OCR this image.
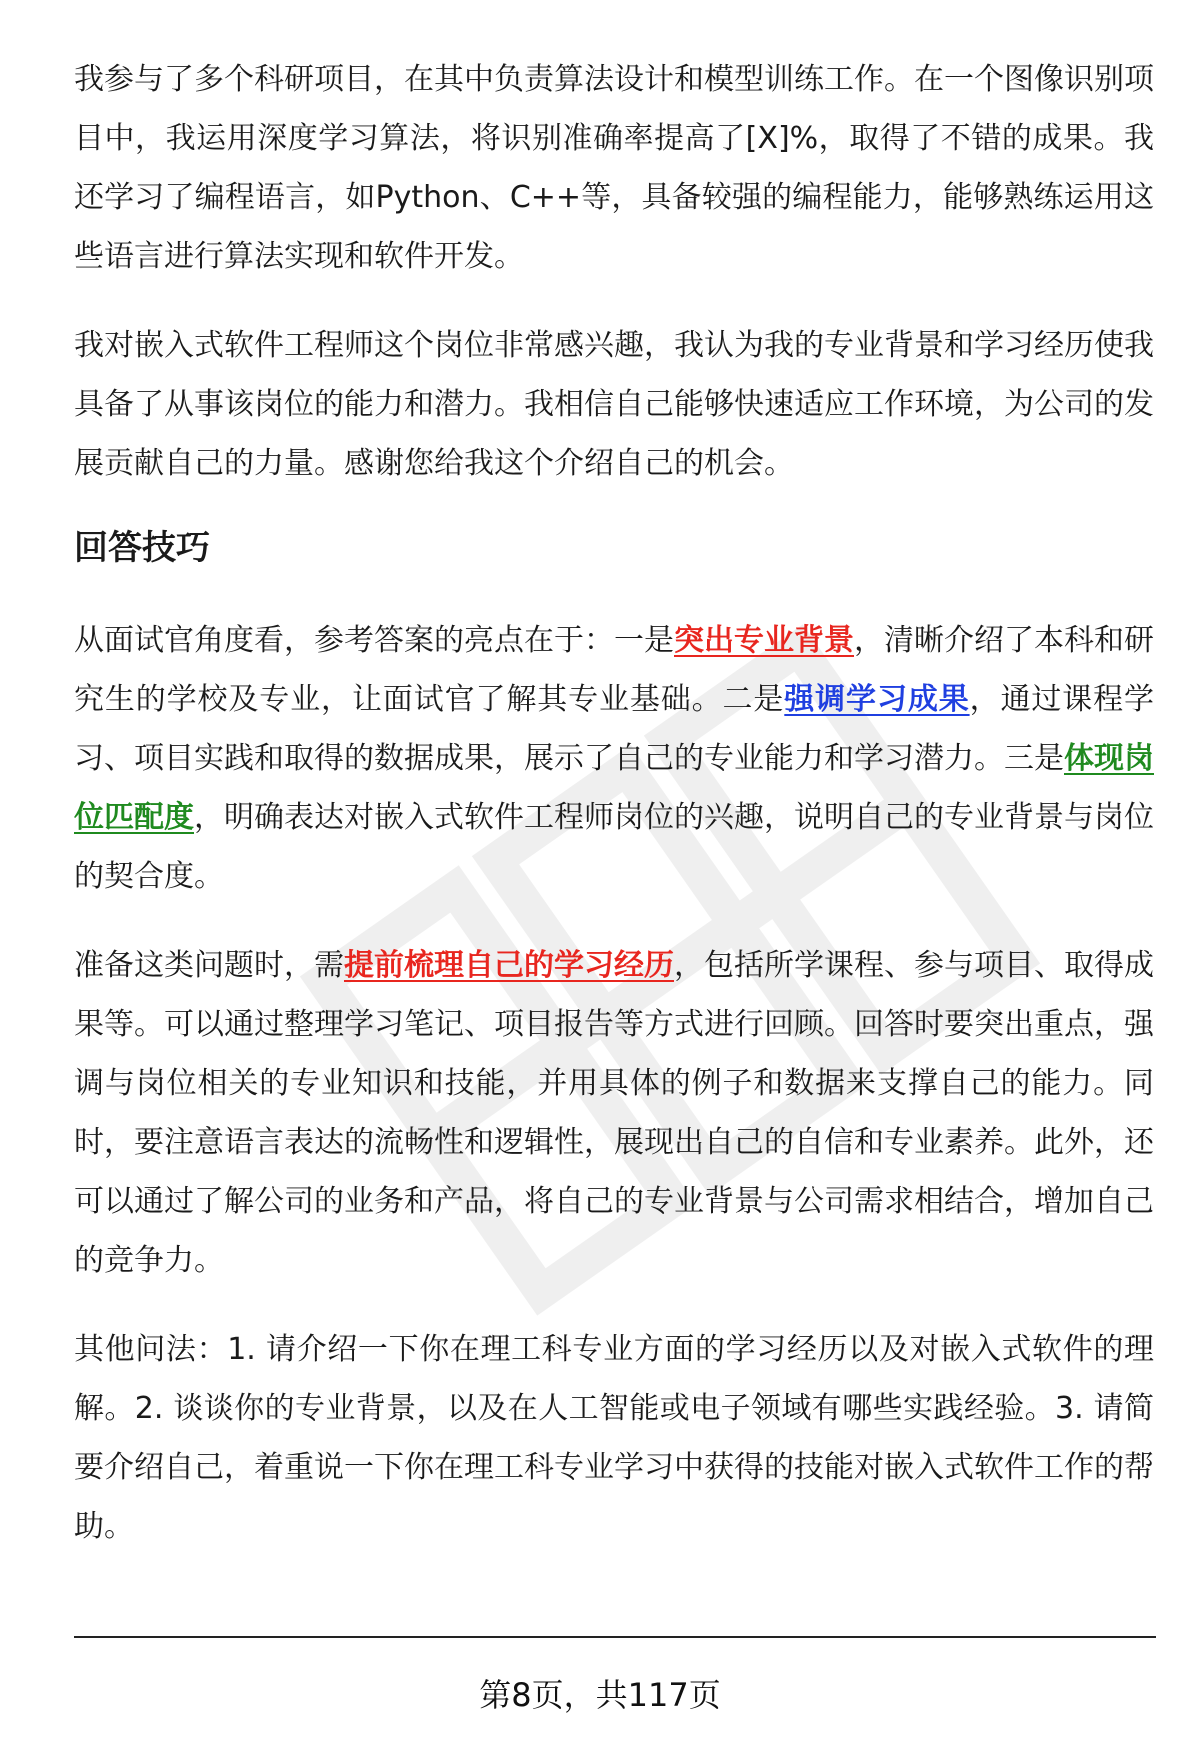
我参与了多个科研项目，在其中负责算法设计和模型训练工作。在一个图像识别项目中，我运用深度学习算法，将识别准确率提高了[X]%，取得了不错的成果。我还学习了编程语言，如Python、C++等，具备较强的编程能力，能够熟练运用这些语言进行算法实现和软件开发。

我对嵌入式软件工程师这个岗位非常感兴趣，我认为我的专业背景和学习经历使我具备了从事该岗位的能力和潜力。我相信自己能够快速适应工作环境，为公司的发展贡献自己的力量。感谢您给我这个介绍自己的机会。

回答技巧

从面试官角度看，参考答案的亮点在于：一是突出专业背景，清晰介绍了本科和研究生的学校及专业，让面试官了解其专业基础。二是强调学习成果，通过课程学习、项目实践和取得的数据成果，展示了自己的专业能力和学习潜力。三是体现岗位匹配度，明确表达对嵌入式软件工程师岗位的兴趣，说明自己的专业背景与岗位的契合度。

准备这类问题时，需提前梳理自己的学习经历，包括所学课程、参与项目、取得成果等。可以通过整理学习笔记、项目报告等方式进行回顾。回答时要突出重点，强调与岗位相关的专业知识和技能，并用具体的例子和数据来支撑自己的能力。同时，要注意语言表达的流畅性和逻辑性，展现出自己的自信和专业素养。此外，还可以通过了解公司的业务和产品，将自己的专业背景与公司需求相结合，增加自己的竞争力。

其他问法：1. 请介绍一下你在理工科专业方面的学习经历以及对嵌入式软件的理解。2. 谈谈你的专业背景，以及在人工智能或电子领域有哪些实践经验。3. 请简要介绍自己，着重说一下你在理工科专业学习中获得的技能对嵌入式软件工作的帮助。

第8页，共117页
